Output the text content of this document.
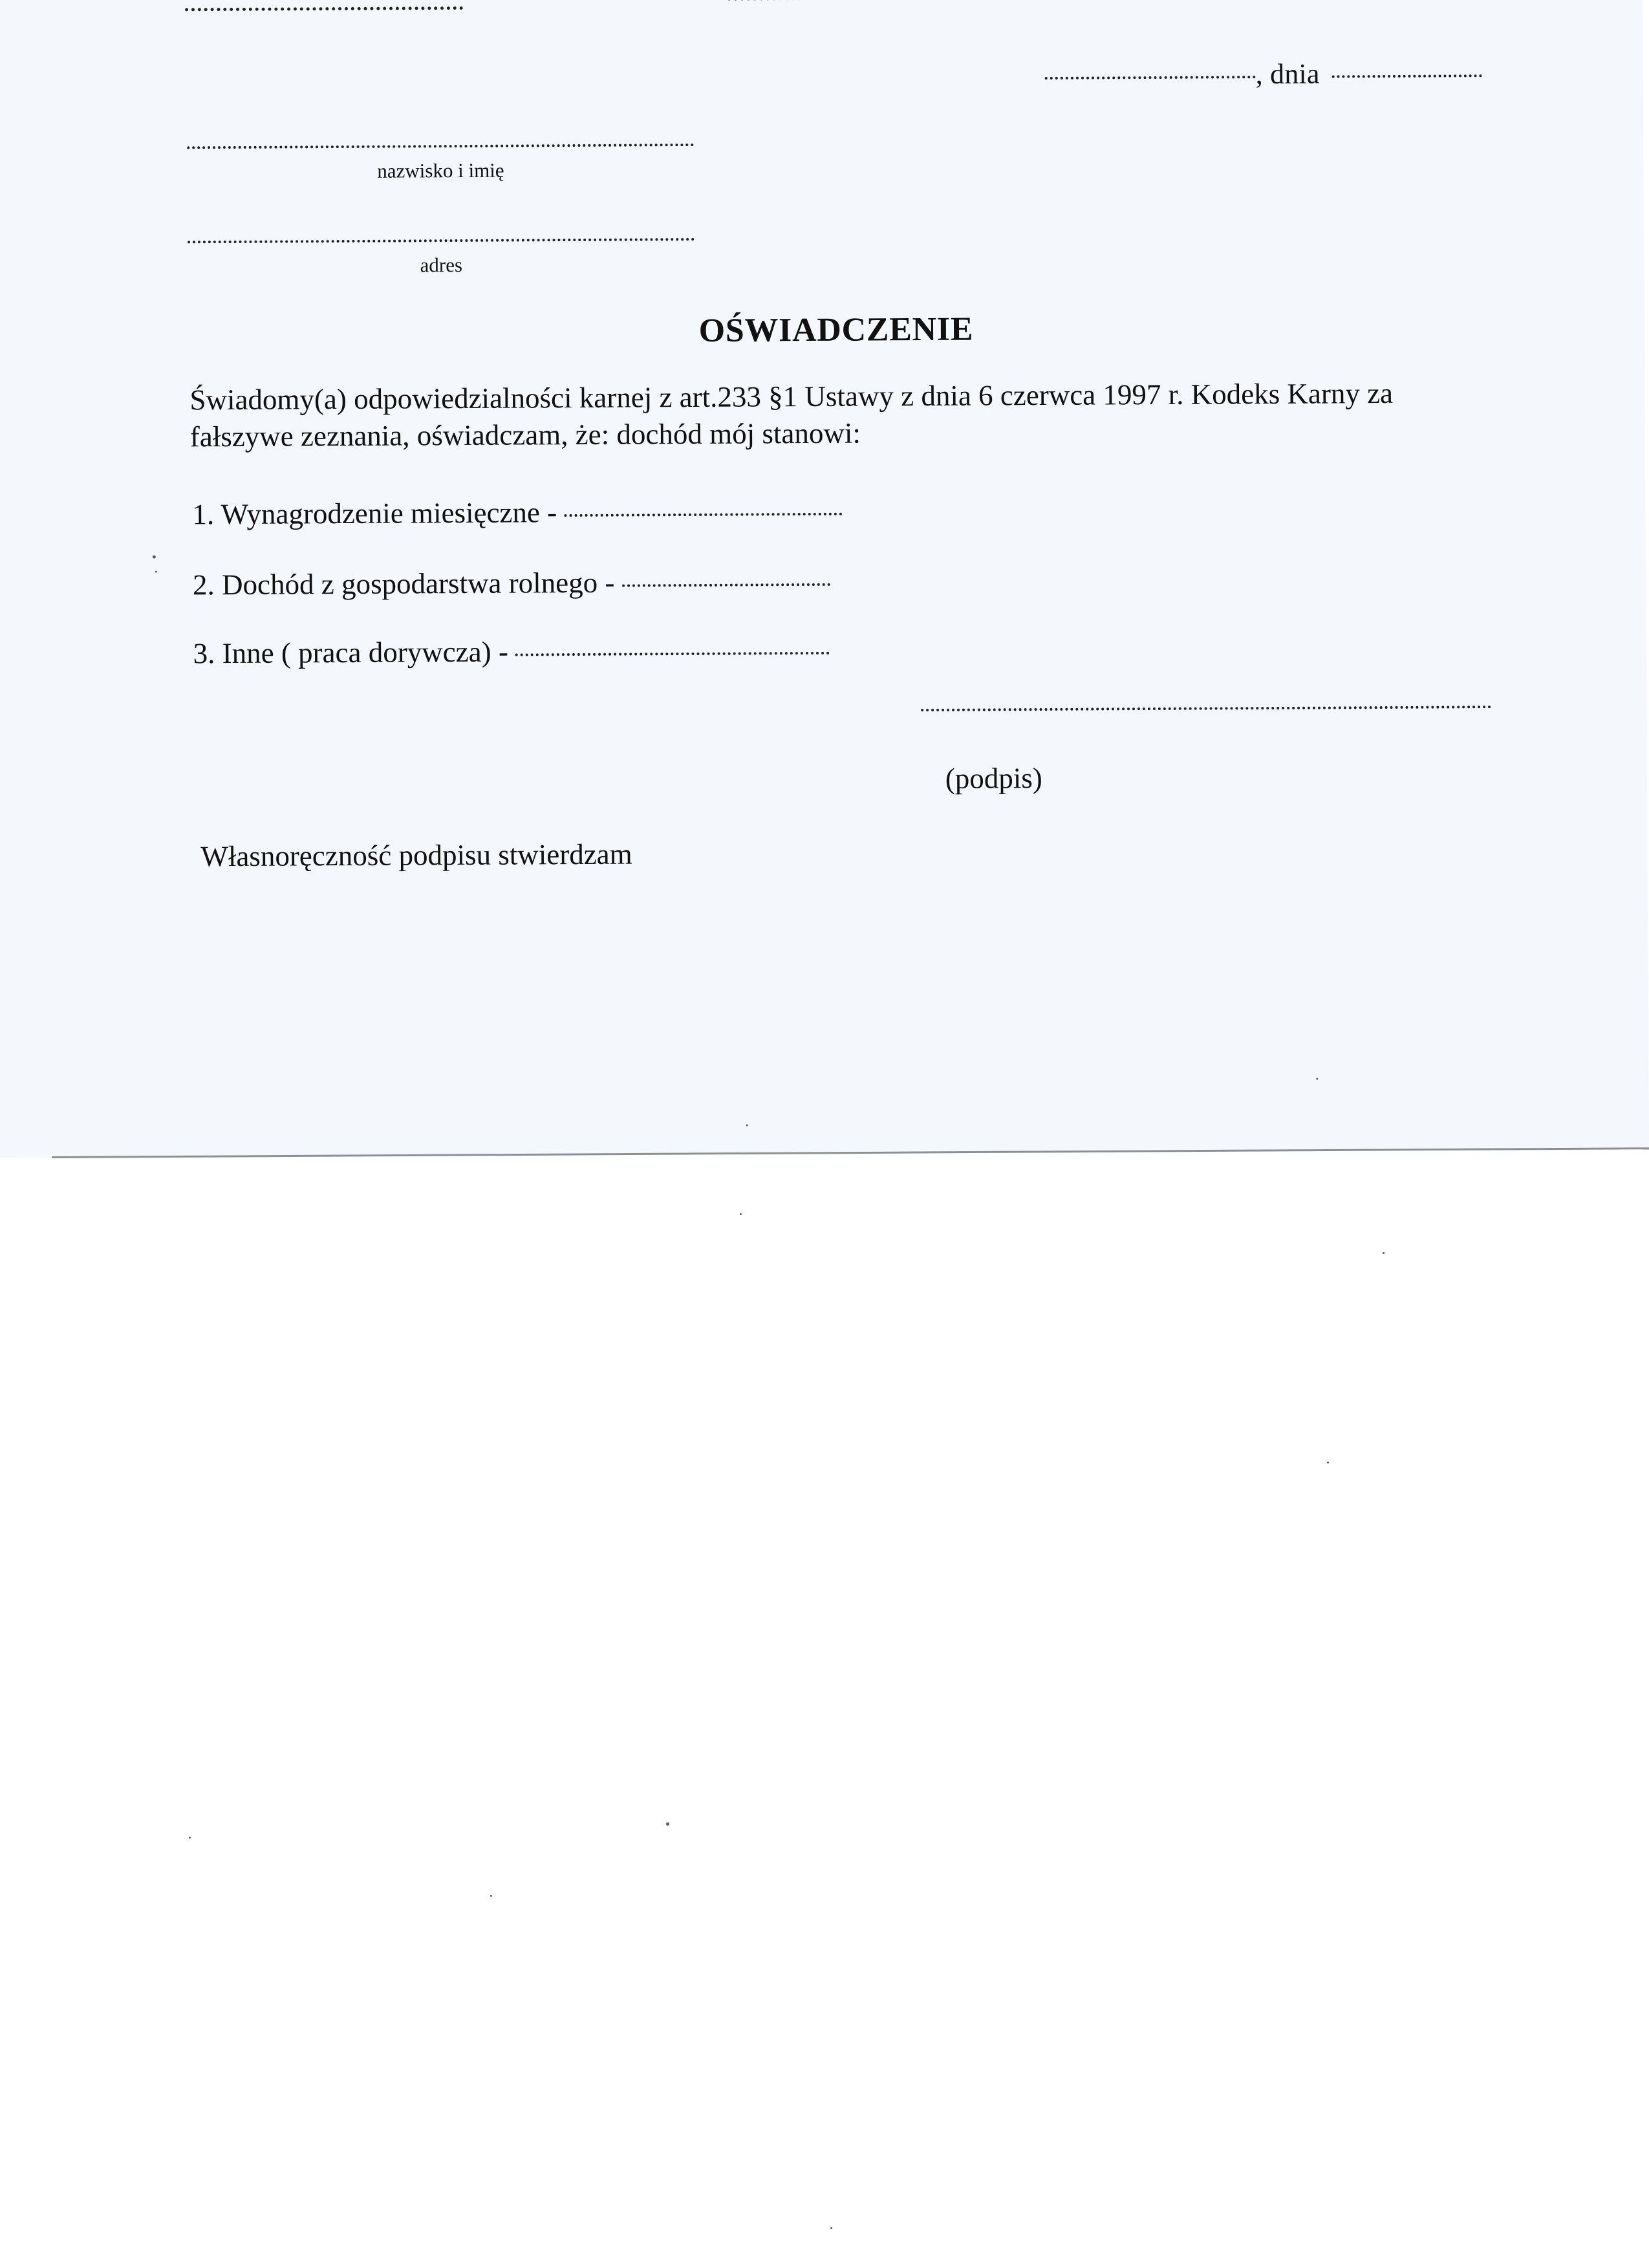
, dnia
nazwisko i imię
adres
OŚWIADCZENIE
Świadomy(a) odpowiedzialności karnej z art.233 §1 Ustawy z dnia 6 czerwca 1997 r. Kodeks Karny za
fałszywe zeznania, oświadczam, że: dochód mój stanowi:
1. Wynagrodzenie miesięczne -
2. Dochód z gospodarstwa rolnego -
3. Inne ( praca dorywcza) -
(podpis)
Własnoręczność podpisu stwierdzam
